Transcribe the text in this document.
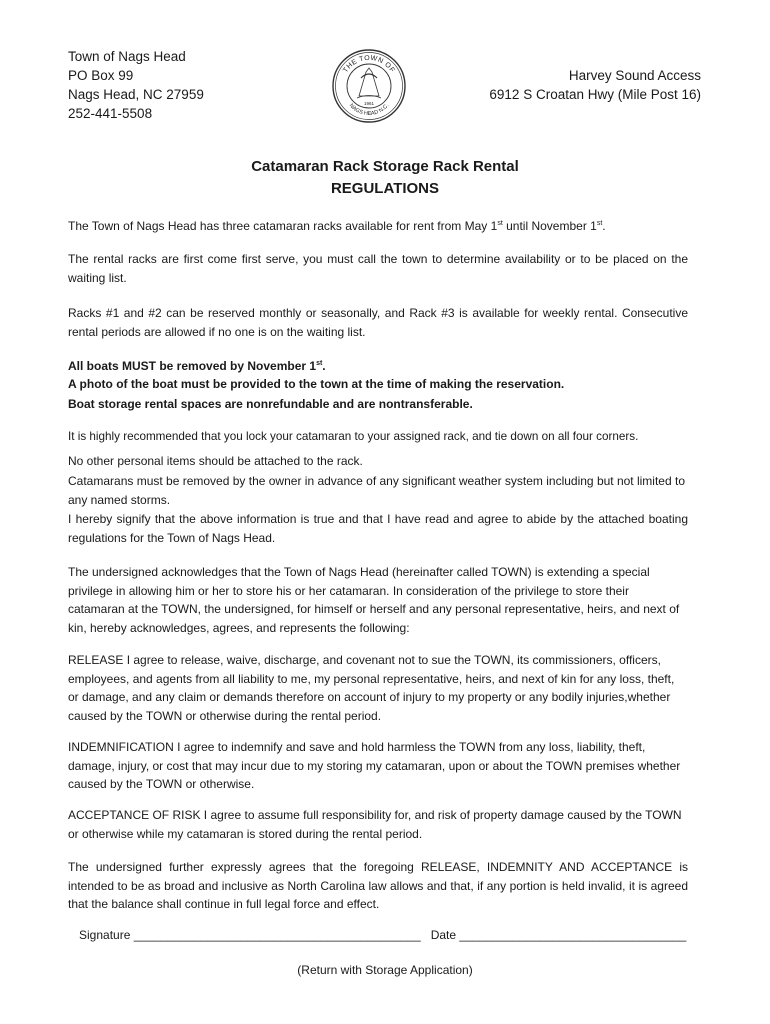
Town of Nags Head
PO Box 99
Nags Head, NC 27959
252-441-5508
THE TOWN OF
NAGS HEAD N.C.
1961
Harvey Sound Access
6912 S Croatan Hwy (Mile Post 16)
Catamaran Rack Storage Rack Rental
REGULATIONS

The Town of Nags Head has three catamaran racks available for rent from May 1st until November 1st.

The rental racks are first come first serve, you must call the town to determine availability or to be placed on the waiting list.

Racks #1 and #2 can be reserved monthly or seasonally, and Rack #3 is available for weekly rental. Consecutive rental periods are allowed if no one is on the waiting list.

All boats MUST be removed by November 1st.

A photo of the boat must be provided to the town at the time of making the reservation.

Boat storage rental spaces are nonrefundable and are nontransferable.

It is highly recommended that you lock your catamaran to your assigned rack, and tie down on all four corners.

No other personal items should be attached to the rack.

Catamarans must be removed by the owner in advance of any significant weather system including but not limited to any named storms.

I hereby signify that the above information is true and that I have read and agree to abide by the attached boating regulations for the Town of Nags Head.

The undersigned acknowledges that the Town of Nags Head (hereinafter called TOWN) is extending a special privilege in allowing him or her to store his or her catamaran. In consideration of the privilege to store their catamaran at the TOWN, the undersigned, for himself or herself and any personal representative, heirs, and next of kin, hereby acknowledges, agrees, and represents the following:

RELEASE I agree to release, waive, discharge, and covenant not to sue the TOWN, its commissioners, officers, employees, and agents from all liability to me, my personal representative, heirs, and next of kin for any loss, theft, or damage, and any claim or demands therefore on account of injury to my property or any bodily injuries,whether caused by the TOWN or otherwise during the rental period.

INDEMNIFICATION I agree to indemnify and save and hold harmless the TOWN from any loss, liability, theft, damage, injury, or cost that may incur due to my storing my catamaran, upon or about the TOWN premises whether caused by the TOWN or otherwise.

ACCEPTANCE OF RISK I agree to assume full responsibility for, and risk of property damage caused by the TOWN or otherwise while my catamaran is stored during the rental period.

The undersigned further expressly agrees that the foregoing RELEASE, INDEMNITY AND ACCEPTANCE is intended to be as broad and inclusive as North Carolina law allows and that, if any portion is held invalid, it is agreed that the balance shall continue in full legal force and effect.

Signature ___________________________________________ Date __________________________________
(Return with Storage Application)
